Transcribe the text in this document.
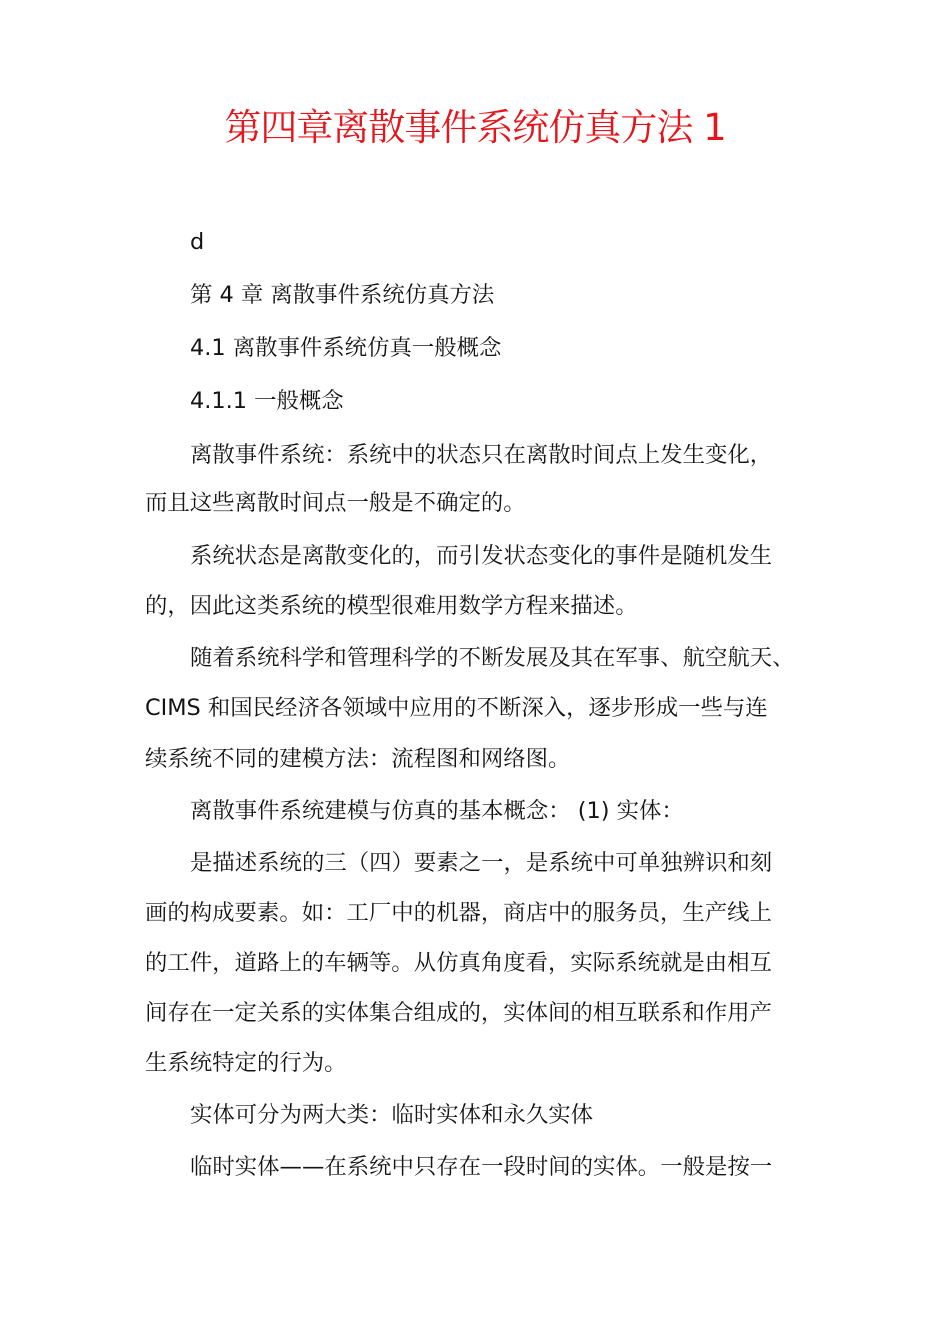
第四章离散事件系统仿真方法 1
d
第 4 章 离散事件系统仿真方法
4.1 离散事件系统仿真一般概念
4.1.1 一般概念
离散事件系统：系统中的状态只在离散时间点上发生变化，
而且这些离散时间点一般是不确定的。
系统状态是离散变化的，而引发状态变化的事件是随机发生
的，因此这类系统的模型很难用数学方程来描述。
随着系统科学和管理科学的不断发展及其在军事、航空航天、
CIMS 和国民经济各领域中应用的不断深入，逐步形成一些与连
续系统不同的建模方法：流程图和网络图。
离散事件系统建模与仿真的基本概念： (1) 实体：
是描述系统的三（四）要素之一，是系统中可单独辨识和刻
画的构成要素。如：工厂中的机器，商店中的服务员，生产线上
的工件，道路上的车辆等。从仿真角度看，实际系统就是由相互
间存在一定关系的实体集合组成的，实体间的相互联系和作用产
生系统特定的行为。
实体可分为两大类：临时实体和永久实体
临时实体——在系统中只存在一段时间的实体。一般是按一
